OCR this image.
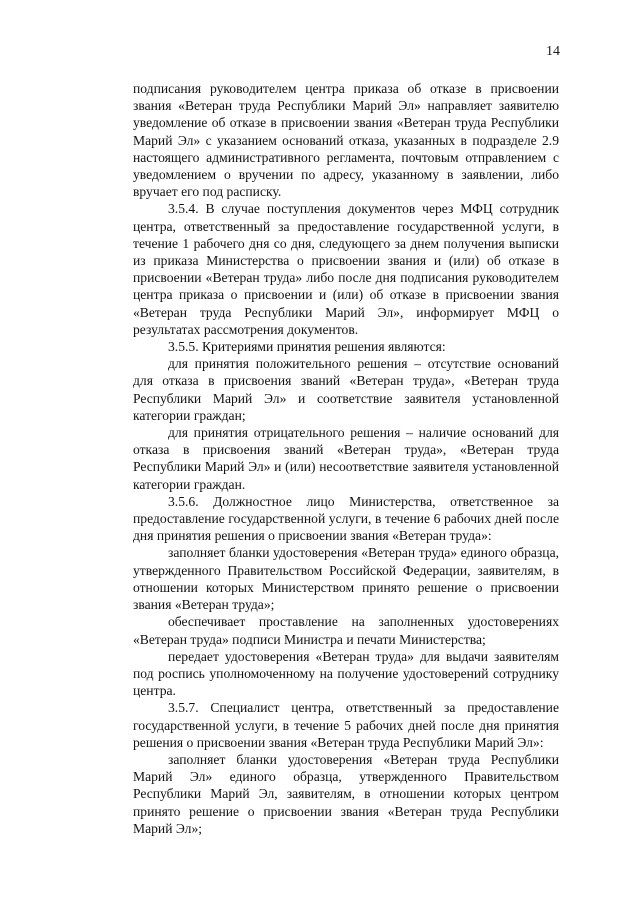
14

подписания руководителем центра приказа об отказе в присвоении звания «Ветеран труда Республики Марий Эл» направляет заявителю уведомление об отказе в присвоении звания «Ветеран труда Республики Марий Эл» с указанием оснований отказа, указанных в подразделе 2.9 настоящего административного регламента, почтовым отправлением с уведомлением о вручении по адресу, указанному в заявлении, либо вручает его под расписку.

3.5.4. В случае поступления документов через МФЦ сотрудник центра, ответственный за предоставление государственной услуги, в течение 1 рабочего дня со дня, следующего за днем получения выписки из приказа Министерства о присвоении звания и (или) об отказе в присвоении «Ветеран труда» либо после дня подписания руководителем центра приказа о присвоении и (или) об отказе в присвоении звания «Ветеран труда Республики Марий Эл», информирует МФЦ о результатах рассмотрения документов.

3.5.5. Критериями принятия решения являются:

для принятия положительного решения – отсутствие оснований для отказа в присвоения званий «Ветеран труда», «Ветеран труда Республики Марий Эл» и соответствие заявителя установленной категории граждан;

для принятия отрицательного решения – наличие оснований для отказа в присвоения званий «Ветеран труда», «Ветеран труда Республики Марий Эл» и (или) несоответствие заявителя установленной категории граждан.

3.5.6. Должностное лицо Министерства, ответственное за предоставление государственной услуги, в течение 6 рабочих дней после дня принятия решения о присвоении звания «Ветеран труда»:

заполняет бланки удостоверения «Ветеран труда» единого образца, утвержденного Правительством Российской Федерации, заявителям, в отношении которых Министерством принято решение о присвоении звания «Ветеран труда»;

обеспечивает проставление на заполненных удостоверениях «Ветеран труда» подписи Министра и печати Министерства;

передает удостоверения «Ветеран труда» для выдачи заявителям под роспись уполномоченному на получение удостоверений сотруднику центра.

3.5.7. Специалист центра, ответственный за предоставление государственной услуги, в течение 5 рабочих дней после дня принятия решения о присвоении звания «Ветеран труда Республики Марий Эл»:

заполняет бланки удостоверения «Ветеран труда Республики Марий Эл» единого образца, утвержденного Правительством Республики Марий Эл, заявителям, в отношении которых центром принято решение о присвоении звания «Ветеран труда Республики Марий Эл»;
